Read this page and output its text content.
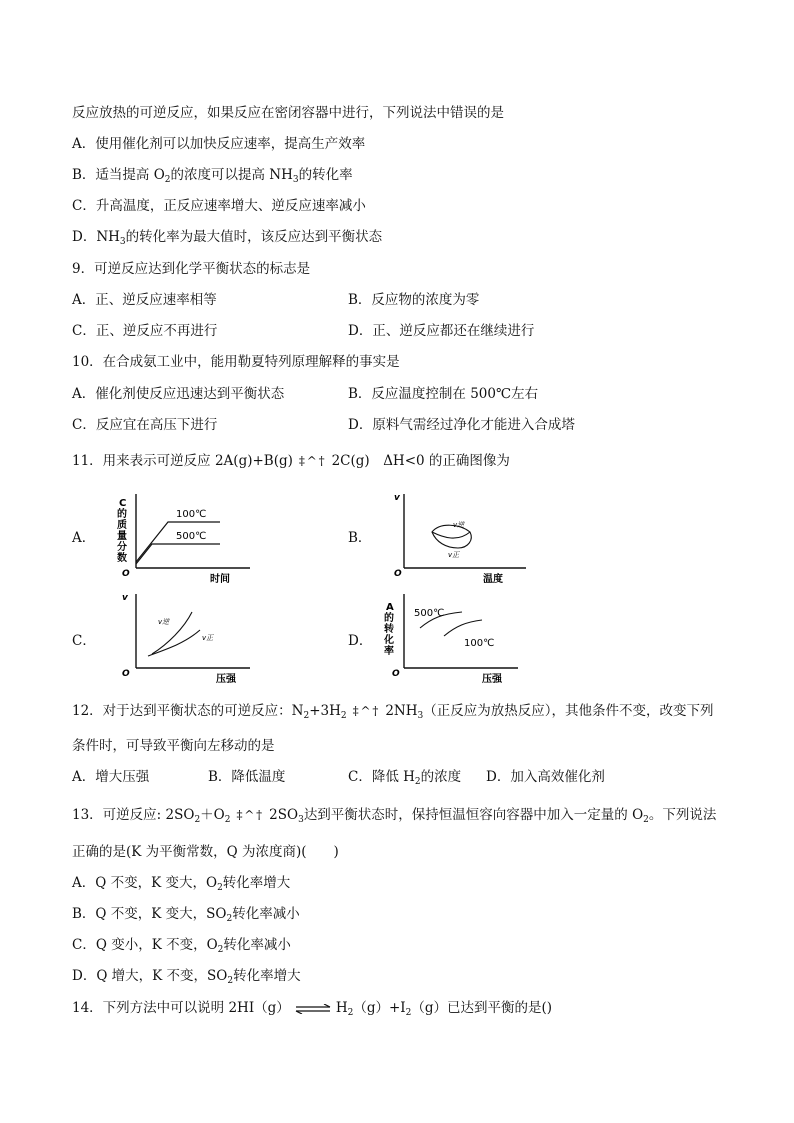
反应放热的可逆反应，如果反应在密闭容器中进行，下列说法中错误的是
A．使用催化剂可以加快反应速率，提高生产效率
B．适当提高 $O_2$的浓度可以提高 $NH_3$的转化率
C．升高温度，正反应速率增大、逆反应速率减小
D．$NH_3$的转化率为最大值时，该反应达到平衡状态
9．可逆反应达到化学平衡状态的标志是
A．正、逆反应速率相等	B．反应物的浓度为零
C．正、逆反应不再进行	D．正、逆反应都还在继续进行
10．在合成氨工业中，能用勒夏特列原理解释的事实是
A．催化剂使反应迅速达到平衡状态	B．反应温度控制在 500℃左右
C．反应宜在高压下进行	D．原料气需经过净化才能进入合成塔
11．用来表示可逆反应 2A(g)+B(g) ‡ ^ † 2C(g)　ΔH<0 的正确图像为
A．	B．
C．	D．
O
C
的
质
量
分
数
时间
100℃
500℃
v
O	温度
v逆
v正
v
O	压强
v逆
v正
A
的
转
化
率
O	压强
500℃
100℃
12．对于达到平衡状态的可逆反应：$N_2+3H_2$ ‡ ^ † $2NH_3$（正反应为放热反应），其他条件不变，改变下列
条件时，可导致平衡向左移动的是
A．增大压强	B．降低温度	C．降低 $H_2$的浓度 D．加入高效催化剂
13．可逆反应: $2SO_2+O_2$ ‡ ^ † $2SO_3$达到平衡状态时，保持恒温恒容向容器中加入一定量的 $O_2$。下列说法
正确的是(K 为平衡常数，Q 为浓度商)(　　)
A．Q 不变，K 变大，$O_2$转化率增大
B．Q 不变，K 变大，$SO_2$转化率减小
C．Q 变小，K 不变，$O_2$转化率减小
D．Q 增大，K 不变，$SO_2$转化率增大
14．下列方法中可以说明 2HI（g） ⇌ $H_2(g)+I_2(g)$已达到平衡的是()
